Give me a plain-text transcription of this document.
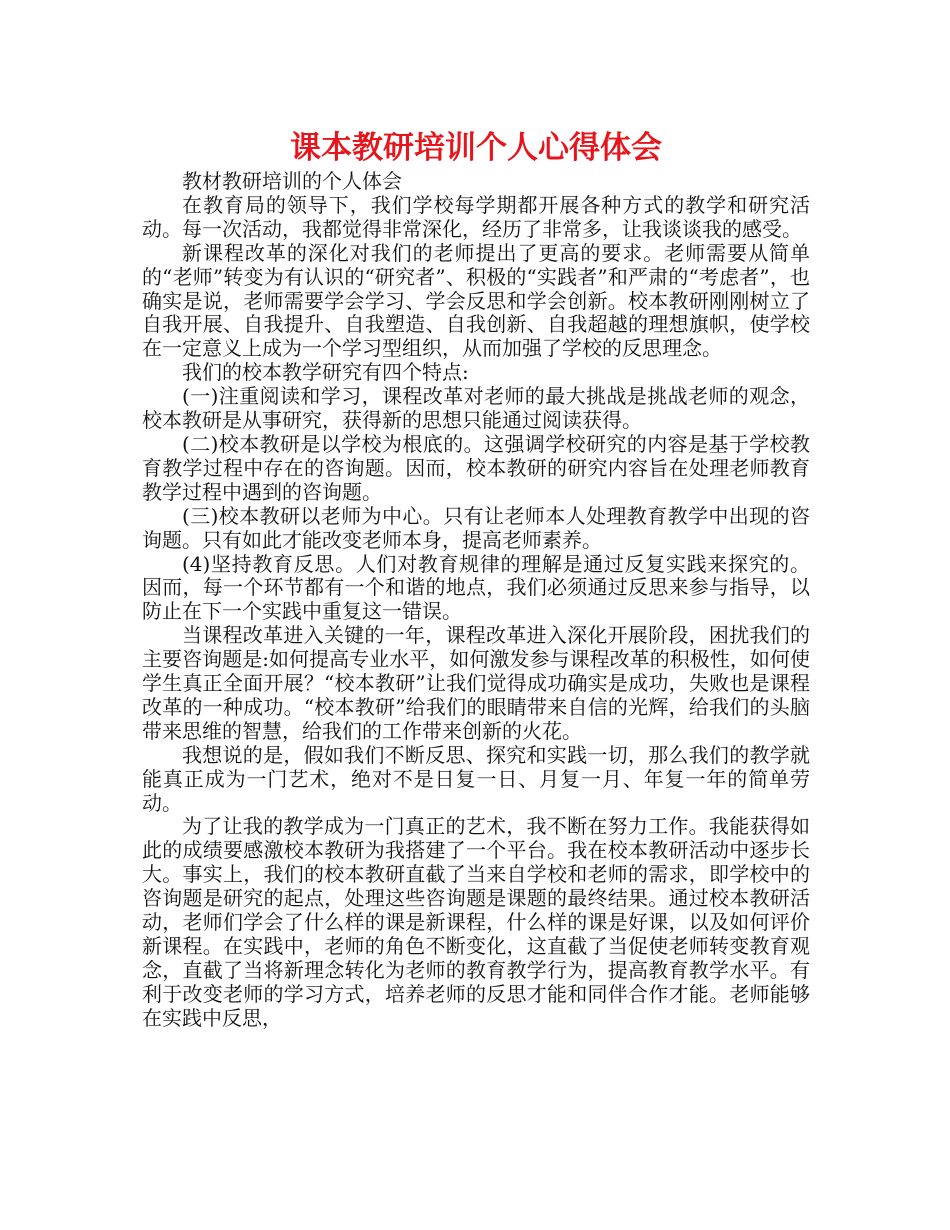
课本教研培训个人心得体会

教材教研培训的个人体会

在教育局的领导下，我们学校每学期都开展各种方式的教学和研究活动。每一次活动，我都觉得非常深化，经历了非常多，让我谈谈我的感受。

新课程改革的深化对我们的老师提出了更高的要求。老师需要从简单的“老师”转变为有认识的“研究者”、积极的“实践者”和严肃的“考虑者”，也确实是说，老师需要学会学习、学会反思和学会创新。校本教研刚刚树立了自我开展、自我提升、自我塑造、自我创新、自我超越的理想旗帜，使学校在一定意义上成为一个学习型组织，从而加强了学校的反思理念。

我们的校本教学研究有四个特点:

(一)注重阅读和学习，课程改革对老师的最大挑战是挑战老师的观念，校本教研是从事研究，获得新的思想只能通过阅读获得。

(二)校本教研是以学校为根底的。这强调学校研究的内容是基于学校教育教学过程中存在的咨询题。因而，校本教研的研究内容旨在处理老师教育教学过程中遇到的咨询题。

(三)校本教研以老师为中心。只有让老师本人处理教育教学中出现的咨询题。只有如此才能改变老师本身，提高老师素养。

(4)坚持教育反思。人们对教育规律的理解是通过反复实践来探究的。因而，每一个环节都有一个和谐的地点，我们必须通过反思来参与指导，以防止在下一个实践中重复这一错误。

当课程改革进入关键的一年，课程改革进入深化开展阶段，困扰我们的主要咨询题是:如何提高专业水平，如何激发参与课程改革的积极性，如何使学生真正全面开展？“校本教研”让我们觉得成功确实是成功，失败也是课程改革的一种成功。“校本教研”给我们的眼睛带来自信的光辉，给我们的头脑带来思维的智慧，给我们的工作带来创新的火花。

我想说的是，假如我们不断反思、探究和实践一切，那么我们的教学就能真正成为一门艺术，绝对不是日复一日、月复一月、年复一年的简单劳动。

为了让我的教学成为一门真正的艺术，我不断在努力工作。我能获得如此的成绩要感激校本教研为我搭建了一个平台。我在校本教研活动中逐步长大。事实上，我们的校本教研直截了当来自学校和老师的需求，即学校中的咨询题是研究的起点，处理这些咨询题是课题的最终结果。通过校本教研活动，老师们学会了什么样的课是新课程，什么样的课是好课，以及如何评价新课程。在实践中，老师的角色不断变化，这直截了当促使老师转变教育观念，直截了当将新理念转化为老师的教育教学行为，提高教育教学水平。有利于改变老师的学习方式，培养老师的反思才能和同伴合作才能。老师能够在实践中反思，
